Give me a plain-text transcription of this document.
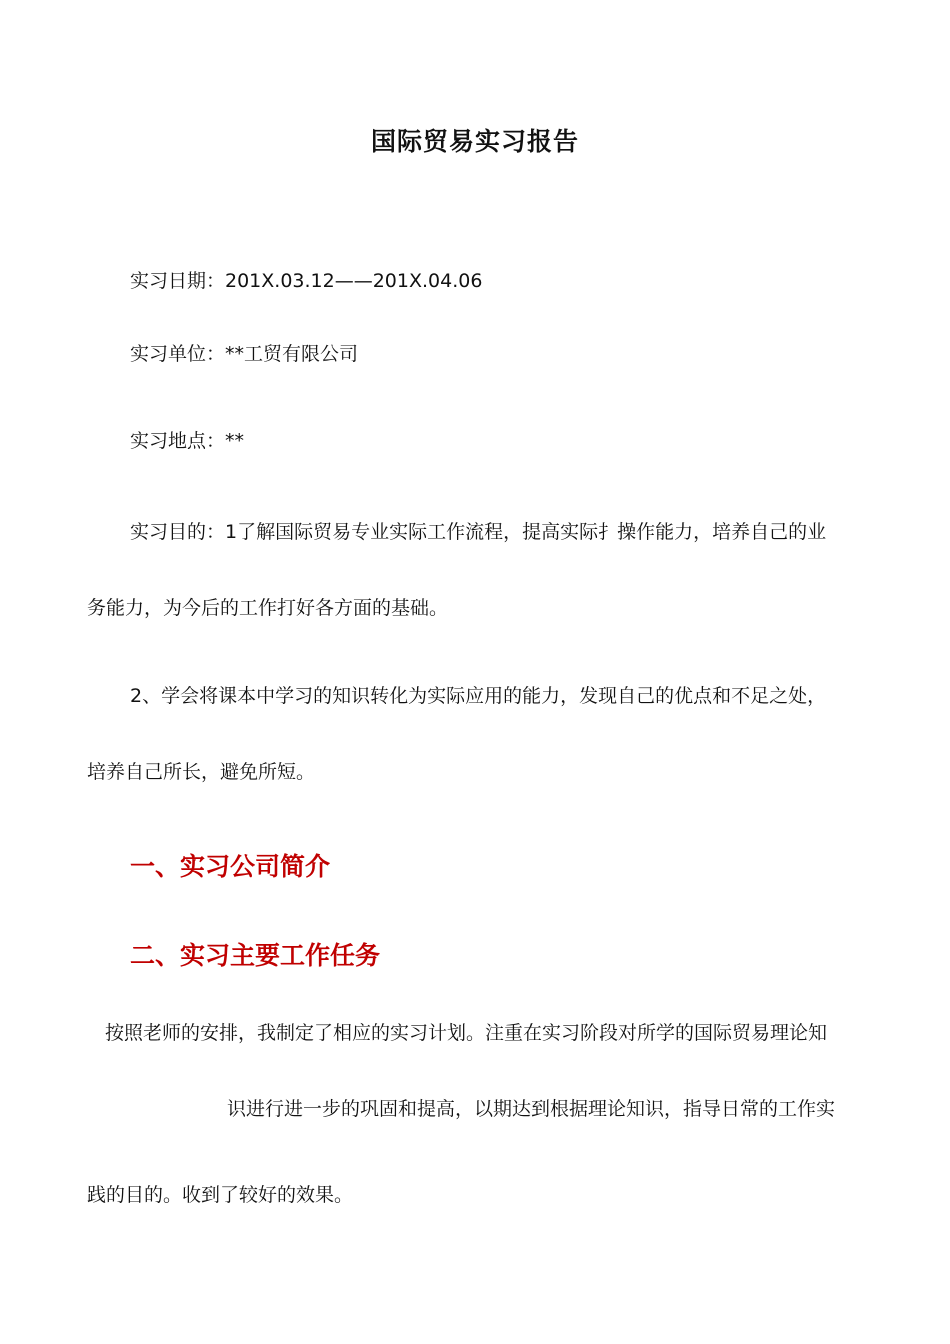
国际贸易实习报告
实习日期：201X.03.12——201X.04.06
实习单位：**工贸有限公司
实习地点：**
实习目的：1了解国际贸易专业实际工作流程，提高实际扌操作能力，培养自己的业
务能力，为今后的工作打好各方面的基础。
2、学会将课本中学习的知识转化为实际应用的能力，发现自己的优点和不足之处，
培养自己所长，避免所短。
一、实习公司简介
二、实习主要工作任务
按照老师的安排，我制定了相应的实习计划。注重在实习阶段对所学的国际贸易理论知
识进行进一步的巩固和提高，以期达到根据理论知识，指导日常的工作实
践的目的。收到了较好的效果。
